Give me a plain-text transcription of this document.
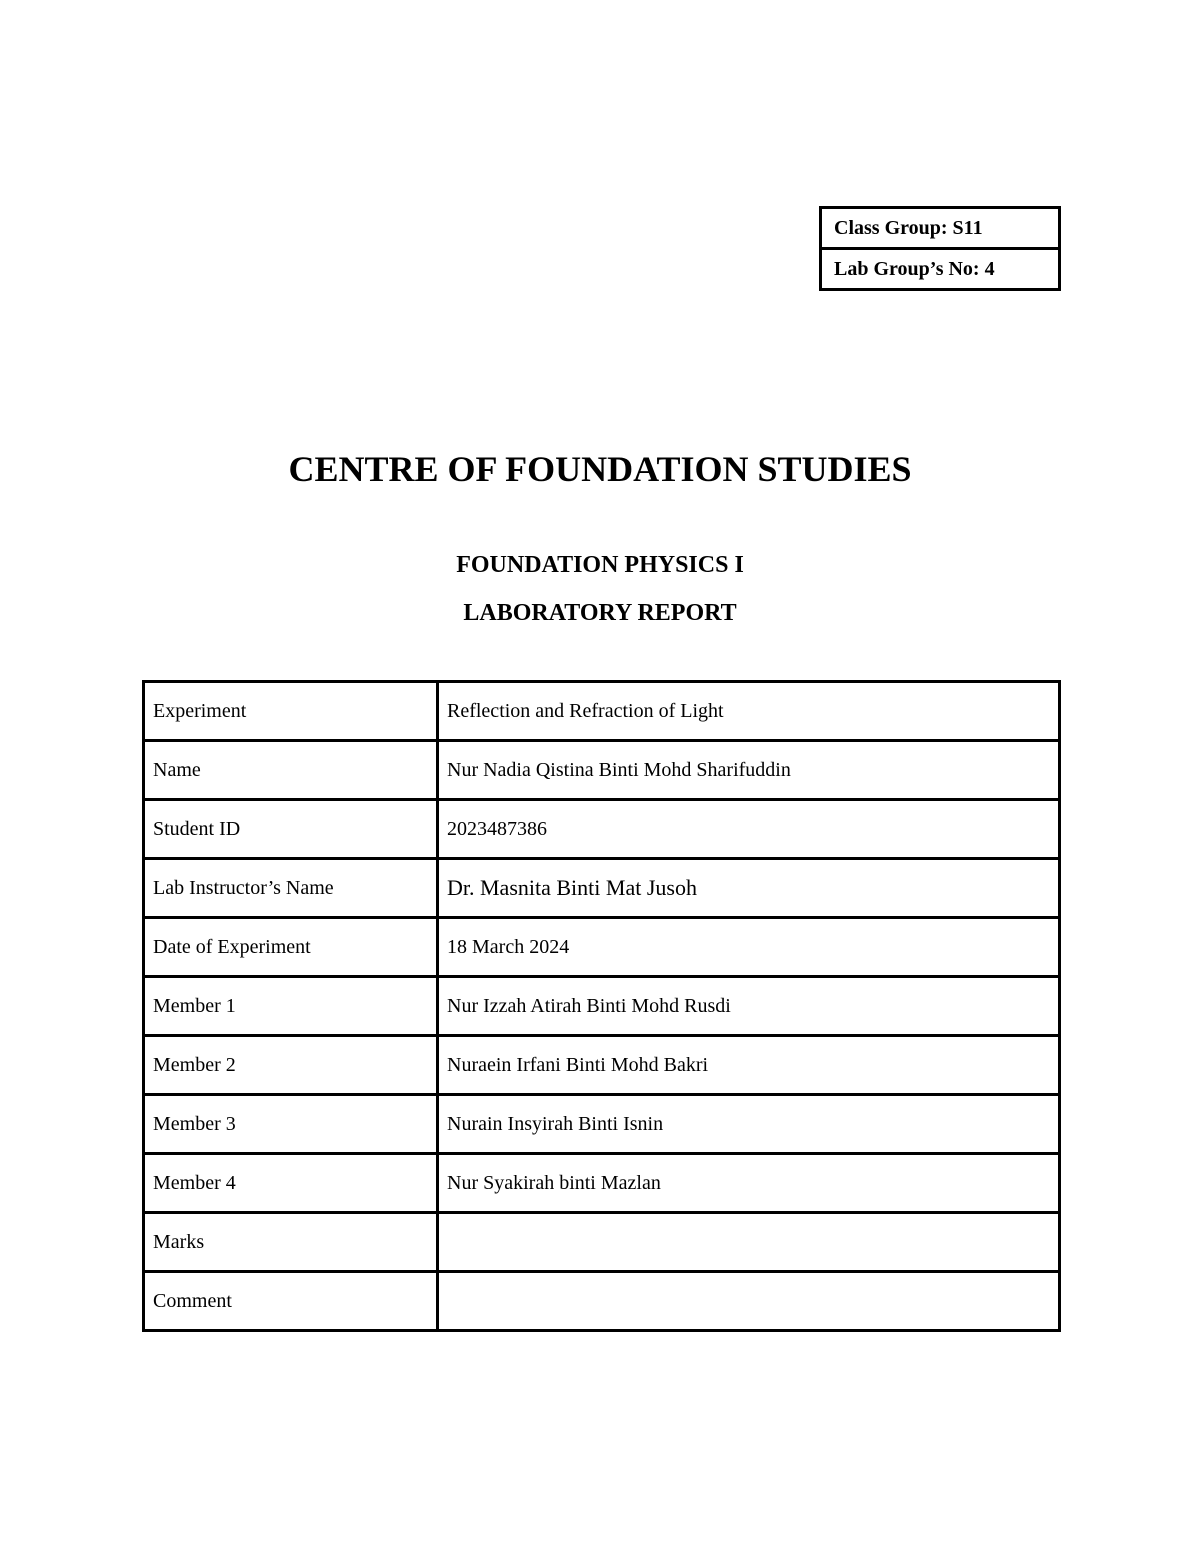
Class Group: S11
Lab Group’s No: 4
CENTRE OF FOUNDATION STUDIES
FOUNDATION PHYSICS I
LABORATORY REPORT
Experiment	Reflection and Refraction of Light
Name	Nur Nadia Qistina Binti Mohd Sharifuddin
Student ID	2023487386
Lab Instructor’s Name	Dr. Masnita Binti Mat Jusoh
Date of Experiment	18 March 2024
Member 1	Nur Izzah Atirah Binti Mohd Rusdi
Member 2	Nuraein Irfani Binti Mohd Bakri
Member 3	Nurain Insyirah Binti Isnin
Member 4	Nur Syakirah binti Mazlan
Marks	
Comment	
